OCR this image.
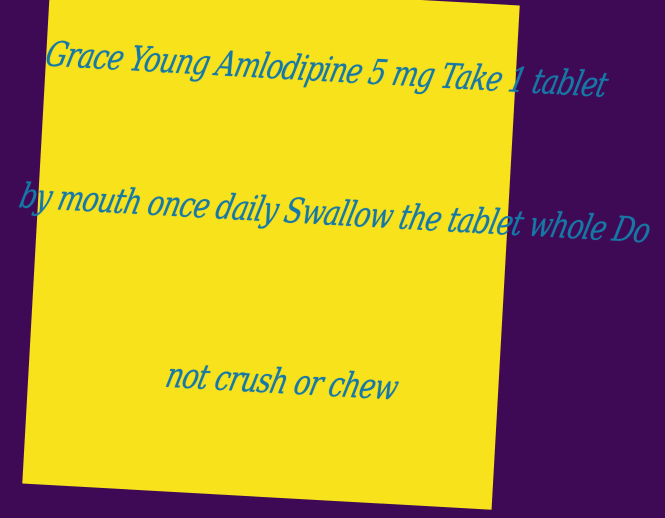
Grace Young Amlodipine 5 mg Take 1 tablet
by mouth once daily Swallow the tablet whole Do
not crush or chew
